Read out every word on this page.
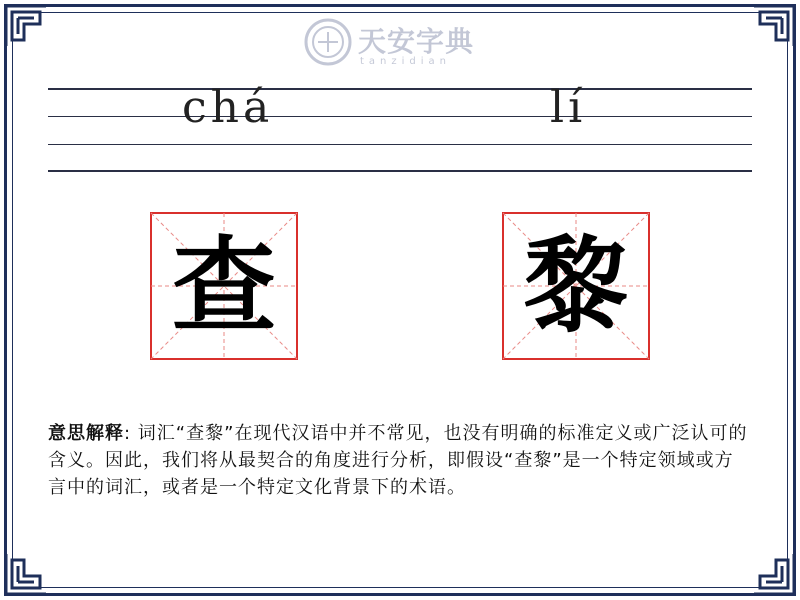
天安字典
tanzidian
chá	lí
查 黎
意思解释: 词汇“查黎”在现代汉语中并不常见，也没有明确的标准定义或广泛认可的含义。因此，我们将从最契合的角度进行分析，即假设“查黎”是一个特定领域或方言中的词汇，或者是一个特定文化背景下的术语。
